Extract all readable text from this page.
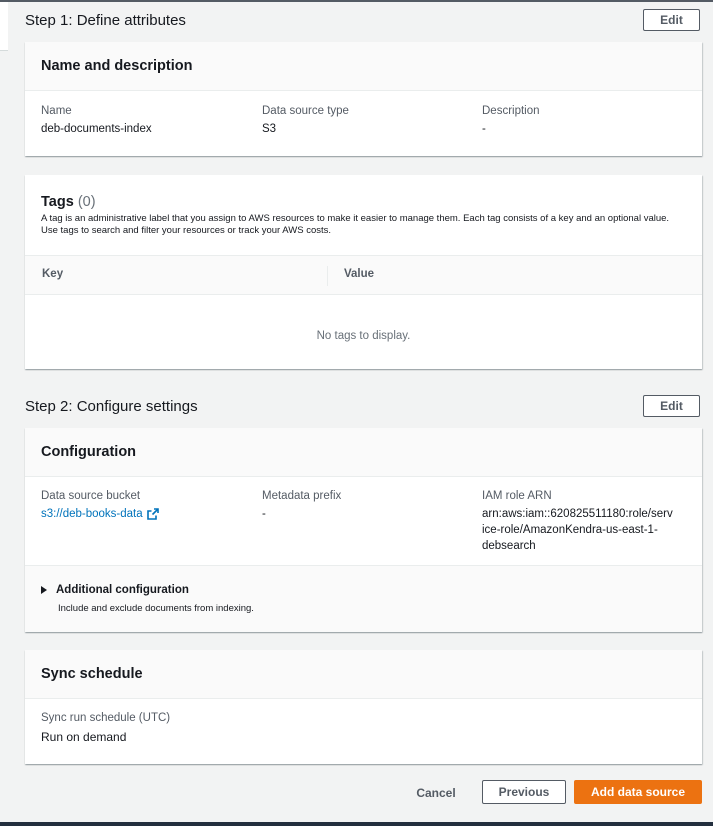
Step 1: Define attributes	Edit
Name and description
Name
deb-documents-index
Data source type
S3
Description
-
Tags (0)
A tag is an administrative label that you assign to AWS resources to make it easier to manage them. Each tag consists of a key and an optional value. Use tags to search and filter your resources or track your AWS costs.
Key	Value
No tags to display.
Step 2: Configure settings	Edit
Configuration
Data source bucket
s3://deb-books-data
Metadata prefix
-
IAM role ARN
arn:aws:iam::620825511180:role/serv
ice-role/AmazonKendra-us-east-1-
debsearch
Additional configuration
Include and exclude documents from indexing.
Sync schedule
Sync run schedule (UTC)
Run on demand
Cancel	Previous	Add data source
